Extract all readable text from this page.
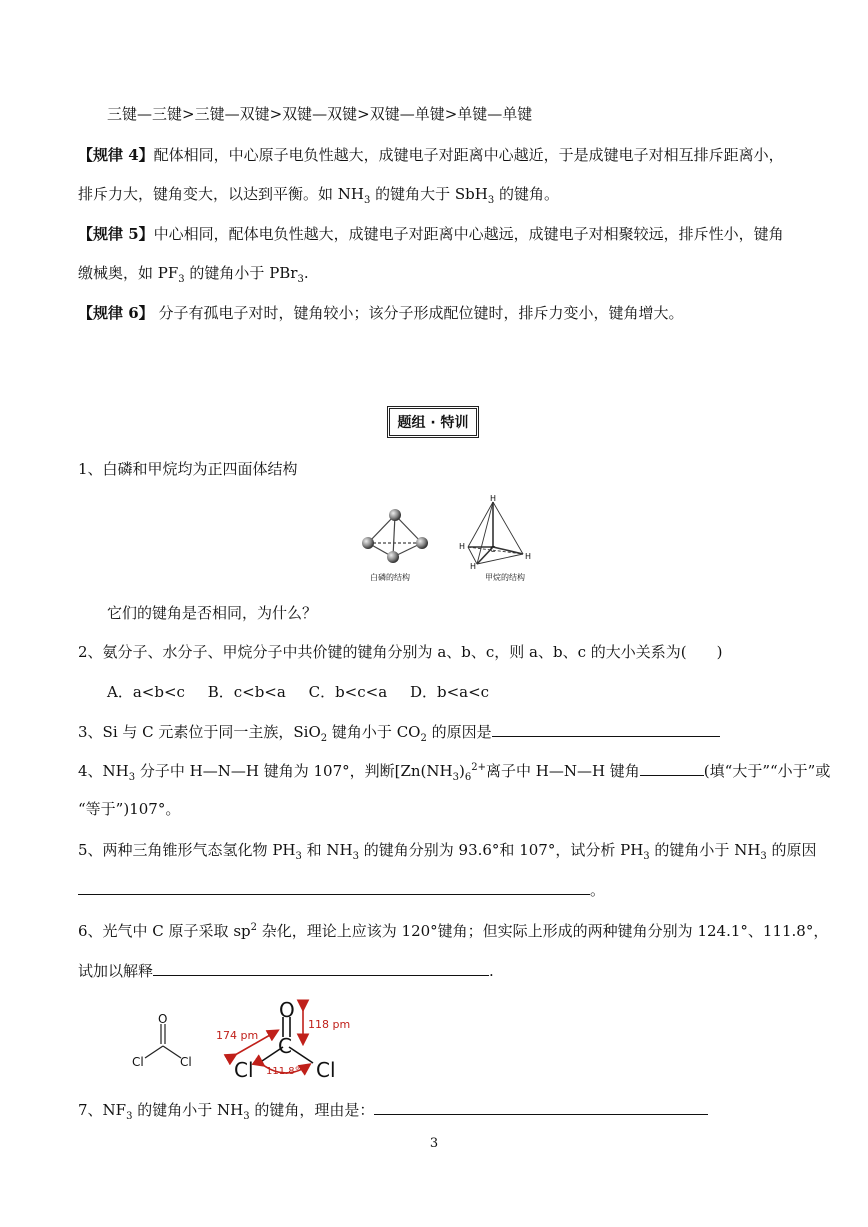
三键—三键>三键—双键>双键—双键>双键—单键>单键—单键
【规律 4】配体相同，中心原子电负性越大，成键电子对距离中心越近，于是成键电子对相互排斥距离小，
排斥力大，键角变大，以达到平衡。如 $NH_3$ 的键角大于 SbH$_3$ 的键角。
【规律 5】中心相同，配体电负性越大，成键电子对距离中心越远，成键电子对相聚较远，排斥性小，键角
缴械奥，如 $PF_3$ 的键角小于 PBr$_3$.
【规律 6】 分子有孤电子对时，键角较小；该分子形成配位键时，排斥力变小，键角增大。
题组 · 特训
1、白磷和甲烷均为正四面体结构
白磷的结构
H
H	C
H
H
甲烷的结构
它们的键角是否相同，为什么？
2、氨分子、水分子、甲烷分子中共价键的键角分别为 a、b、c，则 a、b、c 的大小关系为(　　)
A．a<b<c B．c<b<a C．b<c<a D．b<a<c
3、Si 与 C 元素位于同一主族，SiO$_2$ 键角小于 $CO_2$ 的原因是
4、$NH_3$ 分子中 H—N—H 键角为 107°，判断[$Zn(NH_3)_6^{2+}$离子中 H—N—H 键角	(填“大于”“小于”或
“等于”)107°。
5、两种三角锥形气态氢化物 $PH_3$ 和 $NH_3$ 的键角分别为 93.6°和 107°，试分析 $PH_3$ 的键角小于 $NH_3$ 的原因
。
6、光气中 C 原子采取 $sp^2$ 杂化，理论上应该为 120°键角；但实际上形成的两种键角分别为 124.1°、111.8°，
试加以解释	.
O
Cl	Cl
O
C
Cl	Cl
174 pm
118 pm
111.8°
7、$NF_3$ 的键角小于 $NH_3$ 的键角，理由是：
3
